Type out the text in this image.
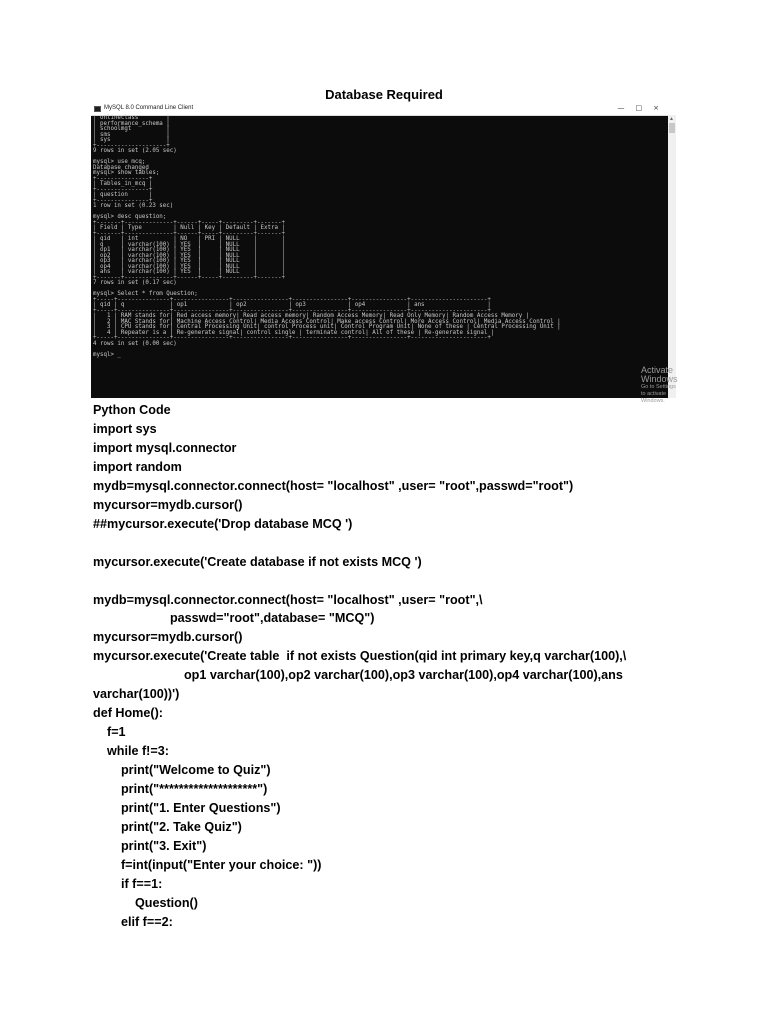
Database Required
MySQL 8.0 Command Line Client	—□×
| onlineclass        |
| performance_schema |
| schoolmgt          |
| sms                |
| sys                |
+--------------------+
9 rows in set (2.05 sec)

mysql> use mcq;
Database changed
mysql> show tables;
+---------------+
| Tables_in_mcq |
+---------------+
| question      |
+---------------+
1 row in set (0.23 sec)

mysql> desc question;
+-------+--------------+------+-----+---------+-------+
| Field | Type         | Null | Key | Default | Extra |
+-------+--------------+------+-----+---------+-------+
| qid   | int          | NO   | PRI | NULL    |       |
| q     | varchar(100) | YES  |     | NULL    |       |
| op1   | varchar(100) | YES  |     | NULL    |       |
| op2   | varchar(100) | YES  |     | NULL    |       |
| op3   | varchar(100) | YES  |     | NULL    |       |
| op4   | varchar(100) | YES  |     | NULL    |       |
| ans   | varchar(100) | YES  |     | NULL    |       |
+-------+--------------+------+-----+---------+-------+
7 rows in set (0.17 sec)

mysql> Select * from Question;
+-----+---------------+----------------+----------------+----------------+----------------+----------------------+
| qid | q             | op1            | op2            | op3            | op4            | ans                  |
+-----+---------------+----------------+----------------+----------------+----------------+----------------------+
|   1 | RAM stands for| Red access memory| Read access memory| Random Access Memory| Read Only Memory| Random Access Memory |
|   2 | MAC Stands for| Machine Access Control| Media Access Control| Make access Control| More Access Control| Media Access Control |
|   3 | CPU stands for| Central Processing Unit| control Process unit| Control Program Unit| None of these | Central Processing Unit |
|   4 | Repeater is a | Re-generate signal| control single | terminate control| All of these | Re-generate signal |
+-----+---------------+----------------+----------------+----------------+----------------+----------------------+
4 rows in set (0.00 sec)

mysql> _
▲
Activate Windows
Go to Settings to activate Windows.
Python Code
import sys
import mysql.connector
import random
mydb=mysql.connector.connect(host= "localhost" ,user= "root",passwd="root")
mycursor=mydb.cursor()
##mycursor.execute('Drop database MCQ ')

mycursor.execute('Create database if not exists MCQ ')

mydb=mysql.connector.connect(host= "localhost" ,user= "root",\
passwd="root",database= "MCQ")
mycursor=mydb.cursor()
mycursor.execute('Create table  if not exists Question(qid int primary key,q varchar(100),\
op1 varchar(100),op2 varchar(100),op3 varchar(100),op4 varchar(100),ans
varchar(100))')
def Home():
f=1
while f!=3:
print("Welcome to Quiz")
print("********************")
print("1. Enter Questions")
print("2. Take Quiz")
print("3. Exit")
f=int(input("Enter your choice: "))
if f==1:
Question()
elif f==2:
